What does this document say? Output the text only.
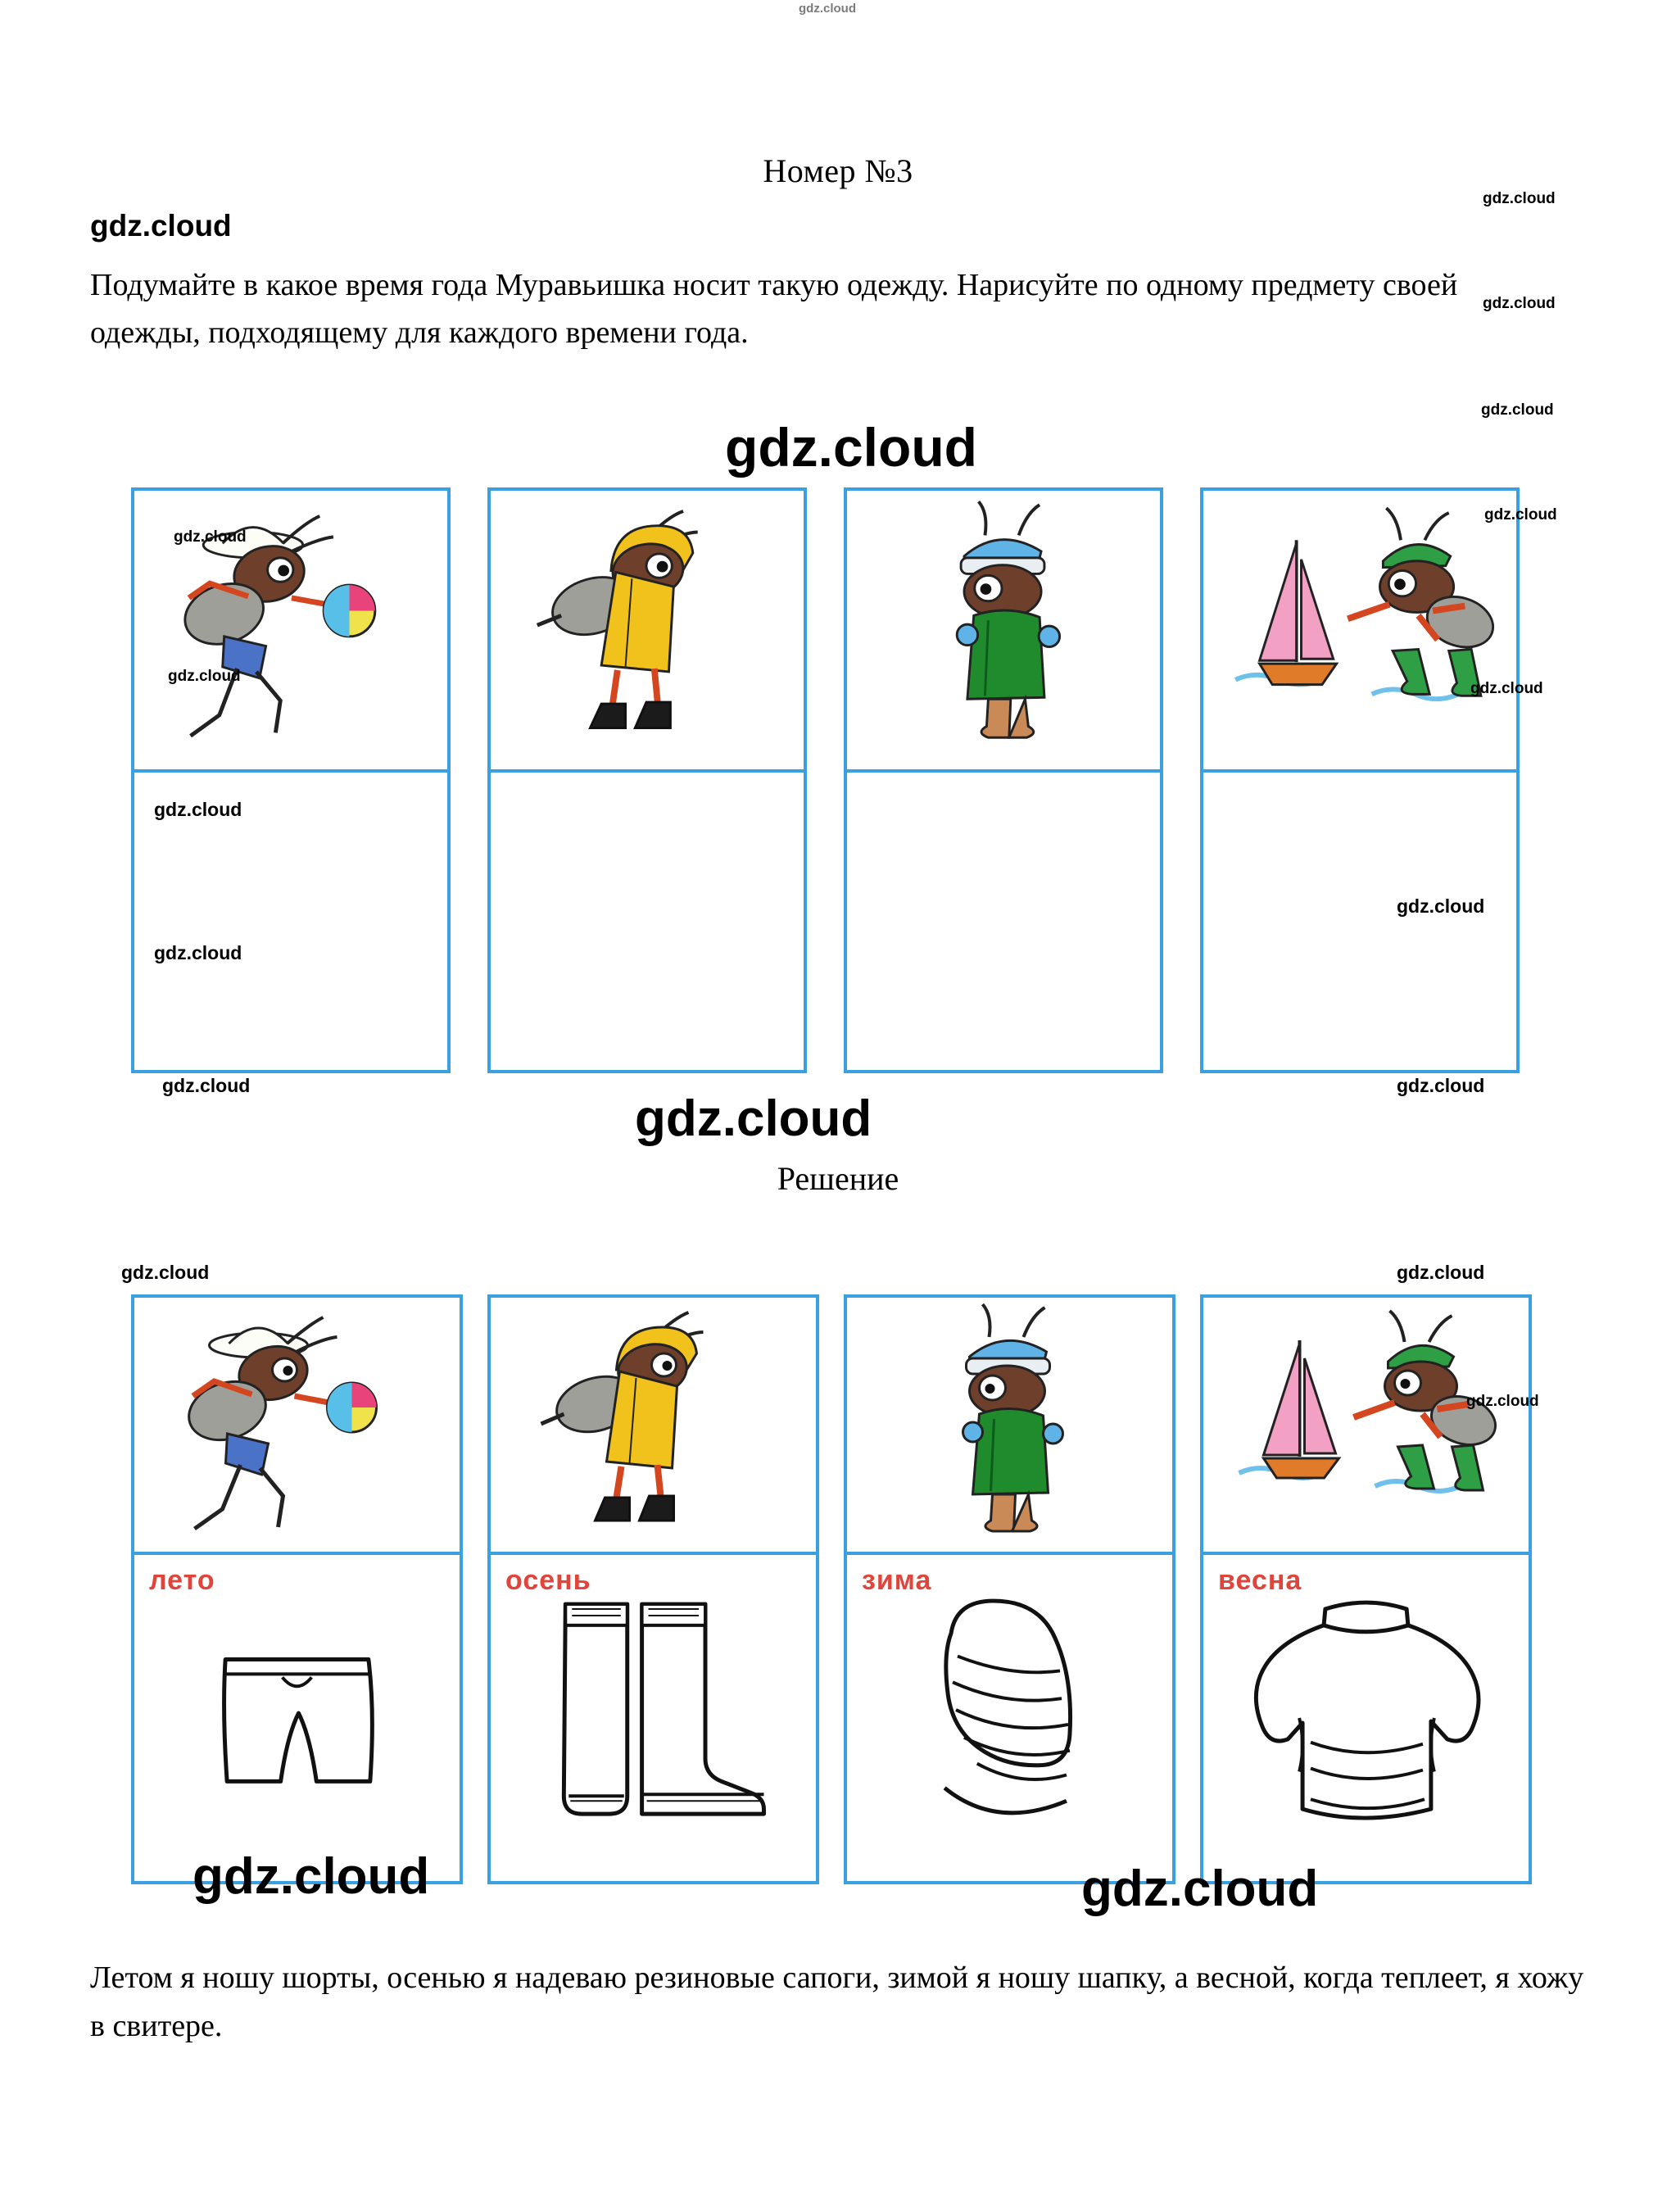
Номер №3
Подумайте в какое время года Муравьишка носит такую одежду. Нарисуйте по одному предмету своей одежды, подходящему для каждого времени года.
Решение
лето	осень	зима	весна
Летом я ношу шорты, осенью я надеваю резиновые сапоги, зимой я ношу шапку, а весной, когда теплеет, я хожу в свитере.
gdz.cloud
gdz.cloud
gdz.cloud
gdz.cloud
gdz.cloud
gdz.cloud
gdz.cloud
gdz.cloud
gdz.cloud
gdz.cloud
gdz.cloud
gdz.cloud
gdz.cloud
gdz.cloud	gdz.cloud
gdz.cloud
gdz.cloud	gdz.cloud
gdz.cloud
gdz.cloud	gdz.cloud
